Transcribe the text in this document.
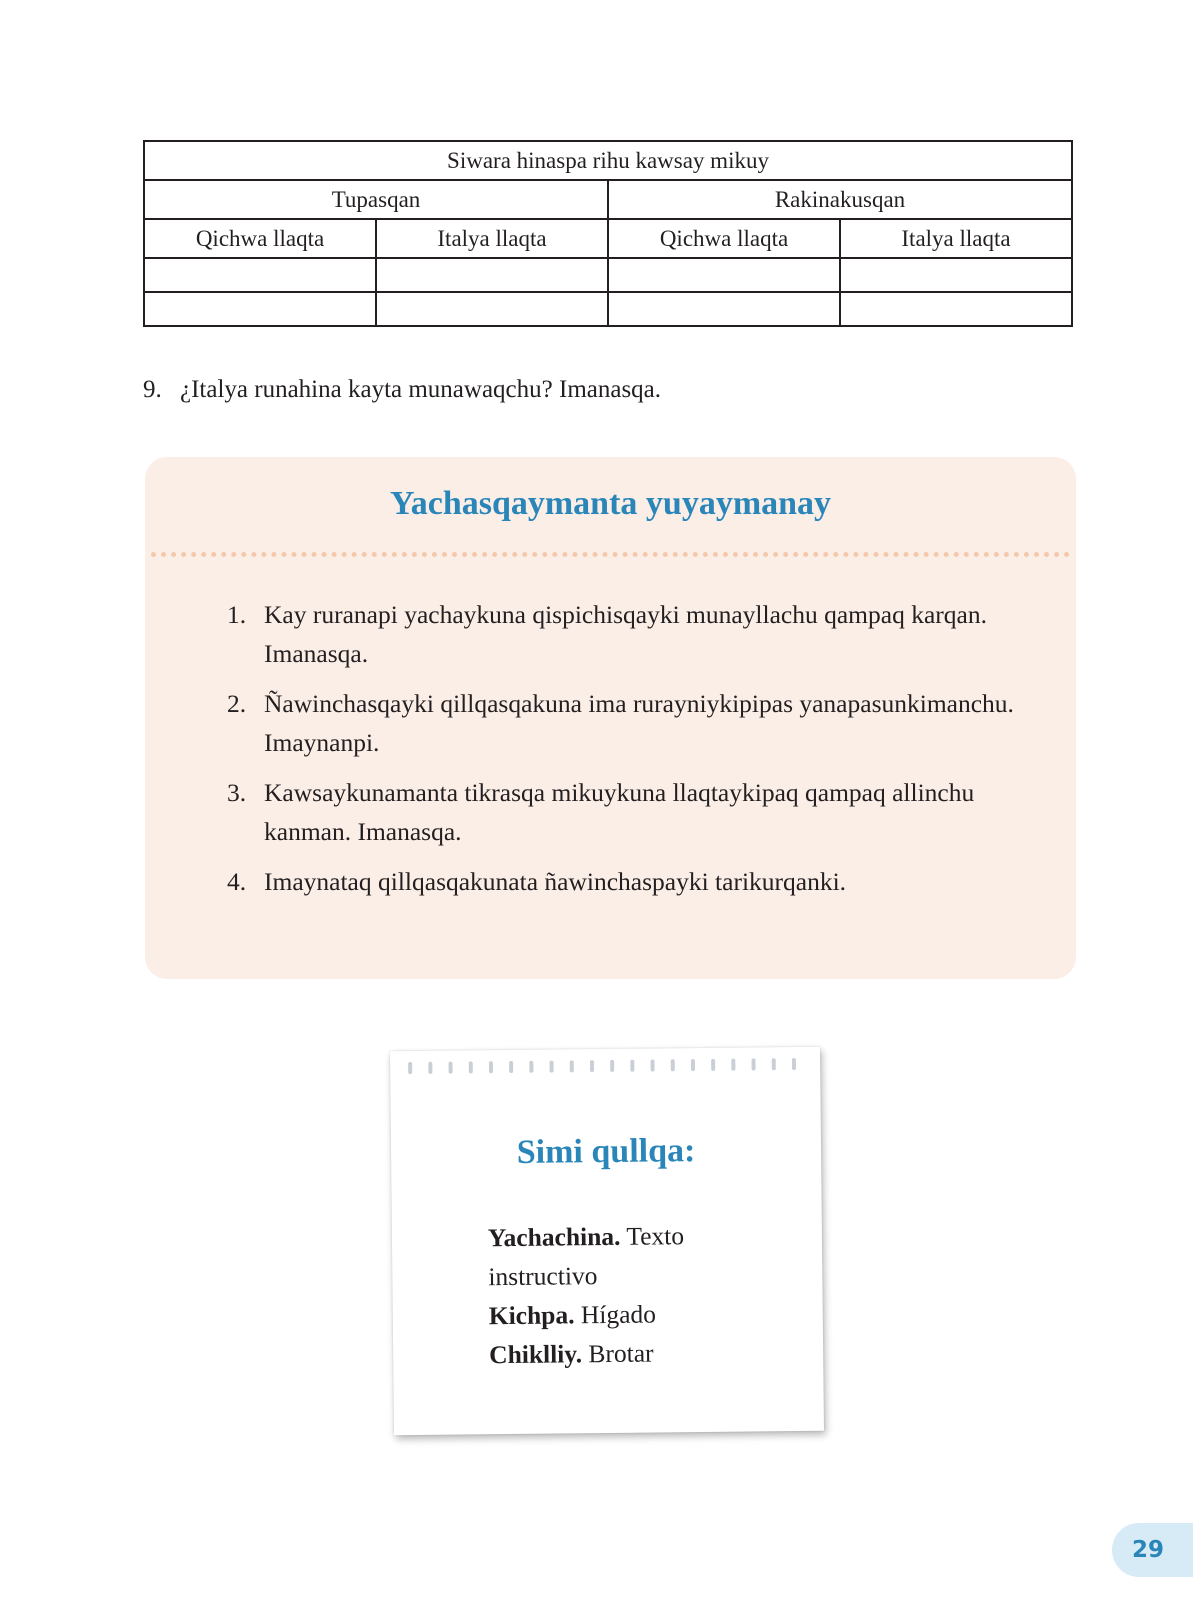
Siwara hinaspa rihu kawsay mikuy			
Tupasqan		Rakinakusqan	
Qichwa llaqta	Italya llaqta	Qichwa llaqta	Italya llaqta

9. ¿Italya runahina kayta munawaqchu? Imanasqa.

Yachasqaymanta yuyaymanay
1. Kay ruranapi yachaykuna qispichisqayki munayllachu qampaq karqan. Imanasqa.
2. Ñawinchasqayki qillqasqakuna ima rurayniykipipas yanapasunkimanchu. Imaynanpi.
3. Kawsaykunamanta tikrasqa mikuykuna llaqtaykipaq qampaq allinchu kanman. Imanasqa.
4. Imaynataq qillqasqakunata ñawinchaspayki tarikurqanki.
Simi qullqa:
Yachachina. Texto instructivo
Kichpa. Hígado
Chiklliy. Brotar
29
